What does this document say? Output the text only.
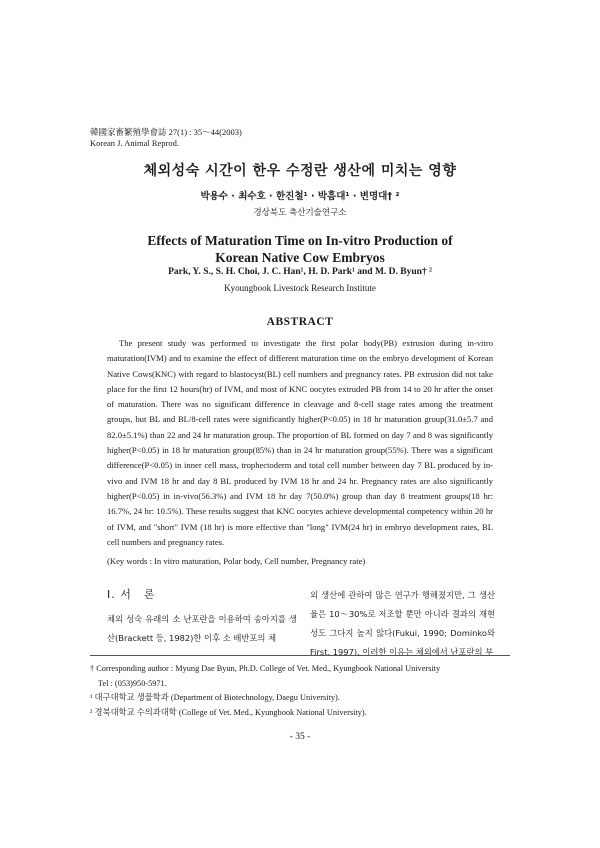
韓國家畜繁殖學會誌 27(1) : 35～44(2003)
Korean J. Animal Reprod.
체외성숙 시간이 한우 수정란 생산에 미치는 영향
박용수 · 최수호 · 한진철¹ · 박흠대¹ · 변명대† ²
경상북도 축산기술연구소
Effects of Maturation Time on In-vitro Production of
Korean Native Cow Embryos
Park, Y. S., S. H. Choi, J. C. Han¹, H. D. Park¹ and M. D. Byun† ²
Kyoungbook Livestock Research Institute
ABSTRACT
The present study was performed to investigate the first polar body(PB) extrusion during in-vitro maturation(IVM) and to examine the effect of different maturation time on the embryo development of Korean Native Cows(KNC) with regard to blastocyst(BL) cell numbers and pregnancy rates. PB extrusion did not take place for the first 12 hours(hr) of IVM, and most of KNC oocytes extruded PB from 14 to 20 hr after the onset of maturation. There was no significant difference in cleavage and 8-cell stage rates among the treatment groups, but BL and BL/8-cell rates were significantly higher(P<0.05) in 18 hr maturation group(31.0±5.7 and 82.0±5.1%) than 22 and 24 hr maturation group. The proportion of BL formed on day 7 and 8 was significantly higher(P<0.05) in 18 hr maturation group(85%) than in 24 hr maturation group(55%). There was a significant difference(P<0.05) in inner cell mass, trophectoderm and total cell number between day 7 BL produced by in-vivo and IVM 18 hr and day 8 BL produced by IVM 18 hr and 24 hr. Pregnancy rates are also significantly higher(P<0.05) in in-vivo(56.3%) and IVM 18 hr day 7(50.0%) group than day 8 treatment groups(18 hr: 16.7%, 24 hr: 10.5%). These results suggest that KNC oocytes achieve developmental competency within 20 hr of IVM, and "short" IVM (18 hr) is more effective than "long" IVM(24 hr) in embryo development rates, BL cell numbers and pregnancy rates.
(Key words : In vitro maturation, Polar body, Cell number, Pregnancy rate)
Ⅰ. 서　론

체외 성숙 유래의 소 난포란을 이용하여 송아지를 생산(Brackett 등, 1982)한 이후 소 배반포의 체

외 생산에 관하여 많은 연구가 행해졌지만, 그 생산율은 10～30%로 저조할 뿐만 아니라 결과의 재현성도 그다지 높지 않다(Fukui, 1990; Dominko와 First, 1997). 이러한 이유는 체외에서 난포란의 부

† Corresponding author : Myung Dae Byun, Ph.D. College of Vet. Med., Kyungbook National University

Tel : (053)950-5971.

¹ 대구대학교 생물학과 (Department of Biotechnology, Daegu University).

² 경북대학교 수의과대학 (College of Vet. Med., Kyungbook National University).

- 35 -
